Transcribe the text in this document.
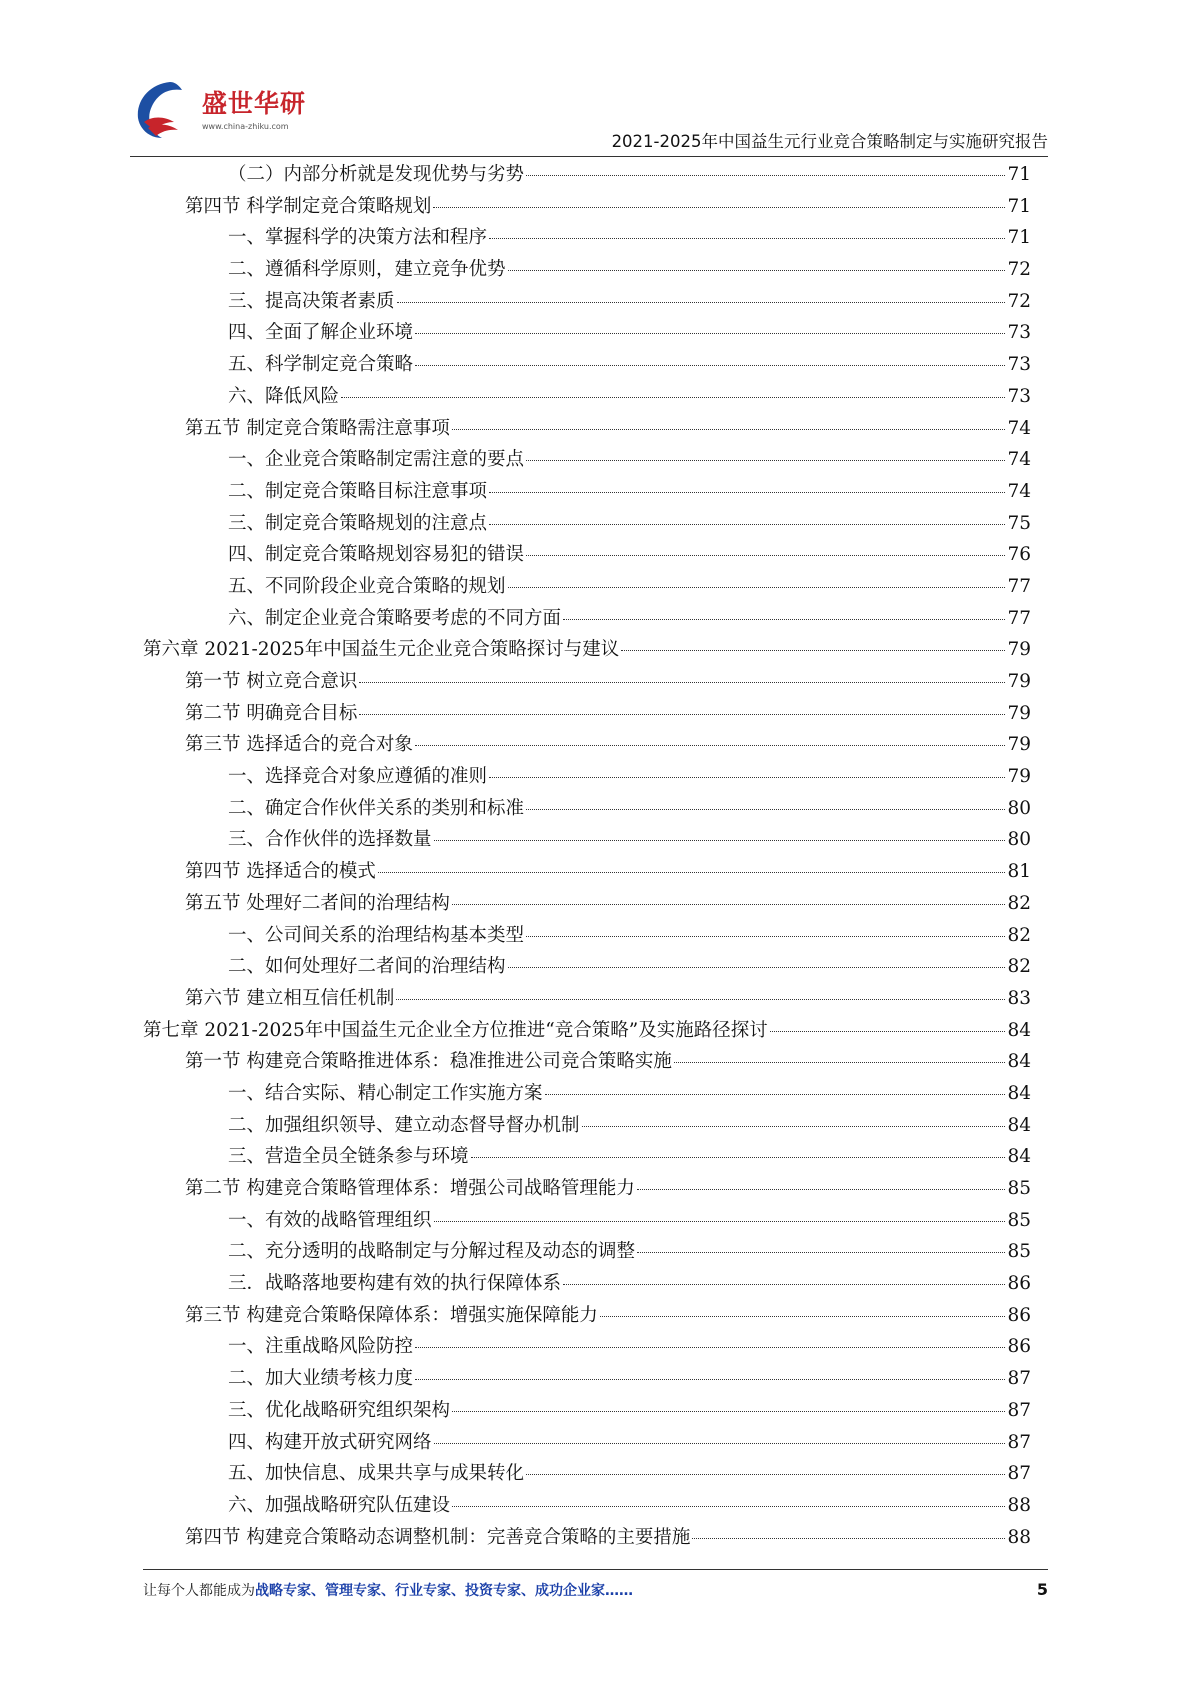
盛世华研
www.china-zhiku.com
2021-2025年中国益生元行业竞合策略制定与实施研究报告
（二）内部分析就是发现优势与劣势	71
第四节 科学制定竞合策略规划	71
一、掌握科学的决策方法和程序	71
二、遵循科学原则，建立竞争优势	72
三、提高决策者素质	72
四、全面了解企业环境	73
五、科学制定竞合策略	73
六、降低风险	73
第五节 制定竞合策略需注意事项	74
一、企业竞合策略制定需注意的要点	74
二、制定竞合策略目标注意事项	74
三、制定竞合策略规划的注意点	75
四、制定竞合策略规划容易犯的错误	76
五、不同阶段企业竞合策略的规划	77
六、制定企业竞合策略要考虑的不同方面	77
第六章 2021-2025年中国益生元企业竞合策略探讨与建议	79
第一节 树立竞合意识	79
第二节 明确竞合目标	79
第三节 选择适合的竞合对象	79
一、选择竞合对象应遵循的准则	79
二、确定合作伙伴关系的类别和标准	80
三、合作伙伴的选择数量	80
第四节 选择适合的模式	81
第五节 处理好二者间的治理结构	82
一、公司间关系的治理结构基本类型	82
二、如何处理好二者间的治理结构	82
第六节 建立相互信任机制	83
第七章 2021-2025年中国益生元企业全方位推进“竞合策略”及实施路径探讨	84
第一节 构建竞合策略推进体系：稳准推进公司竞合策略实施	84
一、结合实际、精心制定工作实施方案	84
二、加强组织领导、建立动态督导督办机制	84
三、营造全员全链条参与环境	84
第二节 构建竞合策略管理体系：增强公司战略管理能力	85
一、有效的战略管理组织	85
二、充分透明的战略制定与分解过程及动态的调整	85
三．战略落地要构建有效的执行保障体系	86
第三节 构建竞合策略保障体系：增强实施保障能力	86
一、注重战略风险防控	86
二、加大业绩考核力度	87
三、优化战略研究组织架构	87
四、构建开放式研究网络	87
五、加快信息、成果共享与成果转化	87
六、加强战略研究队伍建设	88
第四节 构建竞合策略动态调整机制：完善竞合策略的主要措施	88
让每个人都能成为战略专家、管理专家、行业专家、投资专家、成功企业家……	5
